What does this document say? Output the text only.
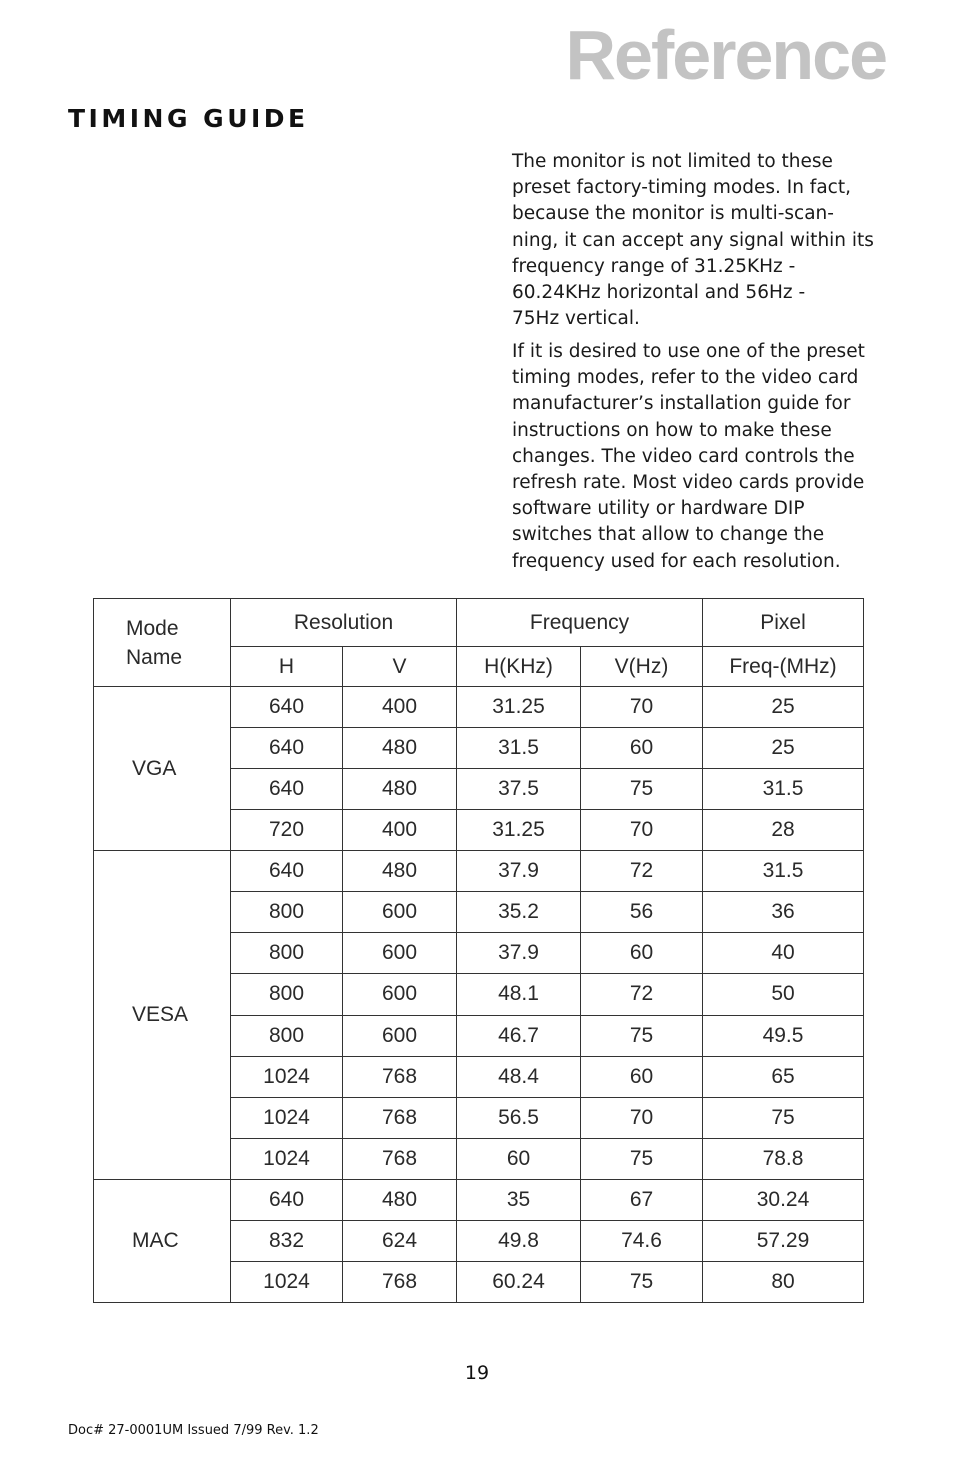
Reference
TIMING GUIDE

The monitor is not limited to these
preset factory-timing modes. In fact,
because the monitor is multi-scan-
ning, it can accept any signal within its
frequency range of 31.25KHz -
60.24KHz horizontal and 56Hz -
75Hz vertical.

If it is desired to use one of the preset
timing modes, refer to the video card
manufacturer’s installation guide for
instructions on how to make these
changes. The video card controls the
refresh rate. Most video cards provide
software utility or hardware DIP
switches that allow to change the
frequency used for each resolution.

Mode
Name	Resolution		Frequency		Pixel
	H	V	H(KHz)	V(Hz)	Freq-(MHz)
VGA	640	400	31.25	70	25
	640	480	31.5	60	25
	640	480	37.5	75	31.5
	720	400	31.25	70	28
VESA	640	480	37.9	72	31.5
	800	600	35.2	56	36
	800	600	37.9	60	40
	800	600	48.1	72	50
	800	600	46.7	75	49.5
	1024	768	48.4	60	65
	1024	768	56.5	70	75
	1024	768	60	75	78.8
MAC	640	480	35	67	30.24
	832	624	49.8	74.6	57.29
	1024	768	60.24	75	80
19
Doc# 27-0001UM Issued 7/99 Rev. 1.2
